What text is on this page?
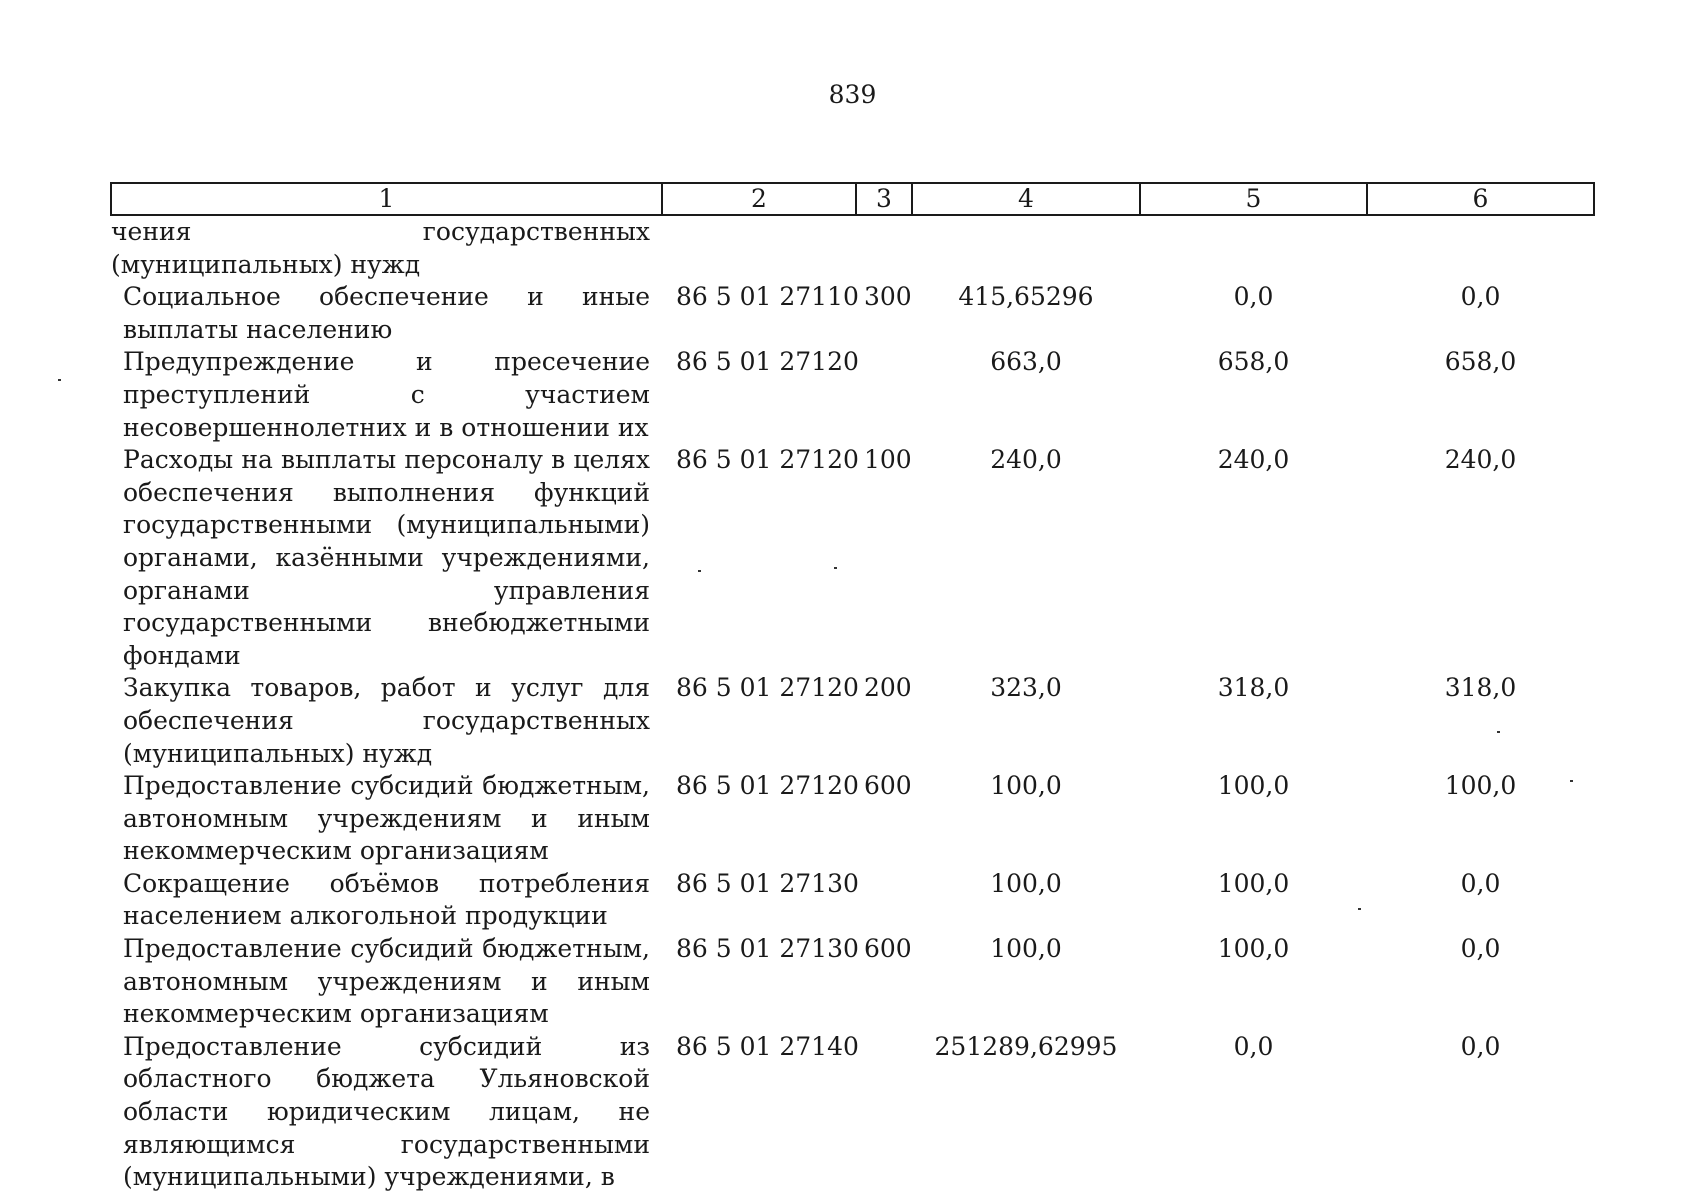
839
1	2	3	4	5	6
чения государственных (муниципальных) нужд					
Социальное обеспечение и иные выплаты населению	86 5 01 27110	300	415,65296	0,0	0,0
Предупреждение и пресечение преступлений с участием несовершеннолетних и в отношении их	86 5 01 27120		663,0	658,0	658,0
Расходы на выплаты персоналу в целях обеспечения выполнения функций государственными (муниципальными) органами, казёнными учреждениями, органами управления государственными внебюджетными фондами	86 5 01 27120	100	240,0	240,0	240,0
Закупка товаров, работ и услуг для обеспечения государственных (муниципальных) нужд	86 5 01 27120	200	323,0	318,0	318,0
Предоставление субсидий бюджетным, автономным учреждениям и иным некоммерческим организациям	86 5 01 27120	600	100,0	100,0	100,0
Сокращение объёмов потребления населением алкогольной продукции	86 5 01 27130		100,0	100,0	0,0
Предоставление субсидий бюджетным, автономным учреждениям и иным некоммерческим организациям	86 5 01 27130	600	100,0	100,0	0,0
Предоставление субсидий из областного бюджета Ульяновской области юридическим лицам, не являющимся государственными (муниципальными) учреждениями, в	86 5 01 27140		251289,62995	0,0	0,0
